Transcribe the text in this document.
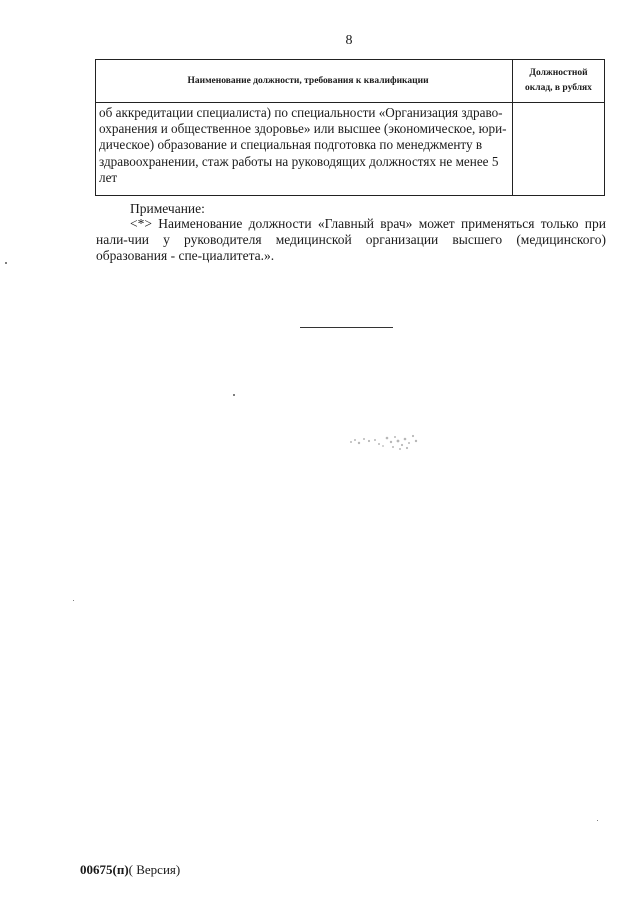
8
Наименование должности, требования к квалификации	Должностной
оклад, в рублях
об аккредитации специалиста) по специальности «Организация здраво-охранения и общественное здоровье» или высшее (экономическое, юри-дическое) образование и специальная подготовка по менеджменту в здравоохранении, стаж работы на руководящих должностях не менее 5 лет	
Примечание:
<*> Наименование должности «Главный врач» может применяться только при нали-чии у руководителя медицинской организации высшего (медицинского) образования - спе-циалитета.».
00675(п)( Версия)
